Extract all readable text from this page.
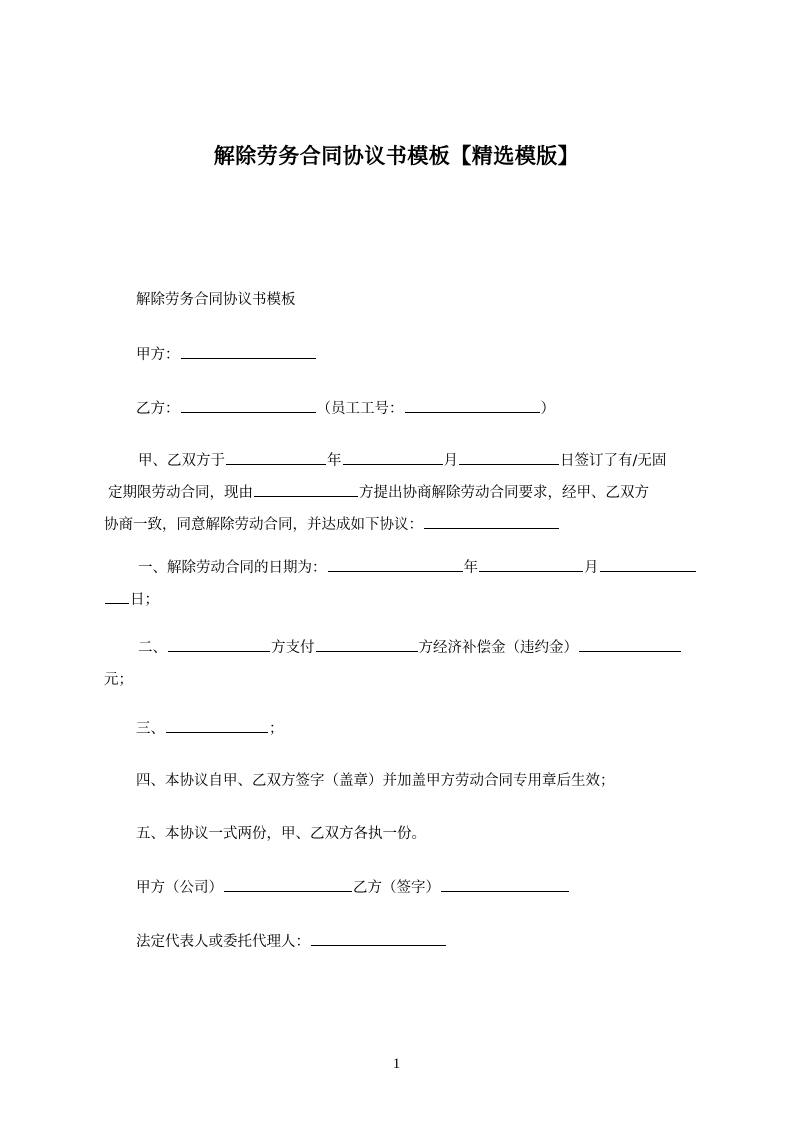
解除劳务合同协议书模板【精选模版】
解除劳务合同协议书模板
甲方：
乙方：	（员工工号：	）

甲、乙双方于	年	月	日签订了有/无固

定期限劳动合同，现由	方提出协商解除劳动合同要求，经甲、乙双方

协商一致，同意解除劳动合同，并达成如下协议：

一、解除劳动合同的日期为：	年	月

日；

二、	方支付	方经济补偿金（违约金）

元；

三、	；
四、本协议自甲、乙双方签字（盖章）并加盖甲方劳动合同专用章后生效；
五、本协议一式两份，甲、乙双方各执一份。
甲方（公司）	乙方（签字）
法定代表人或委托代理人：
1
